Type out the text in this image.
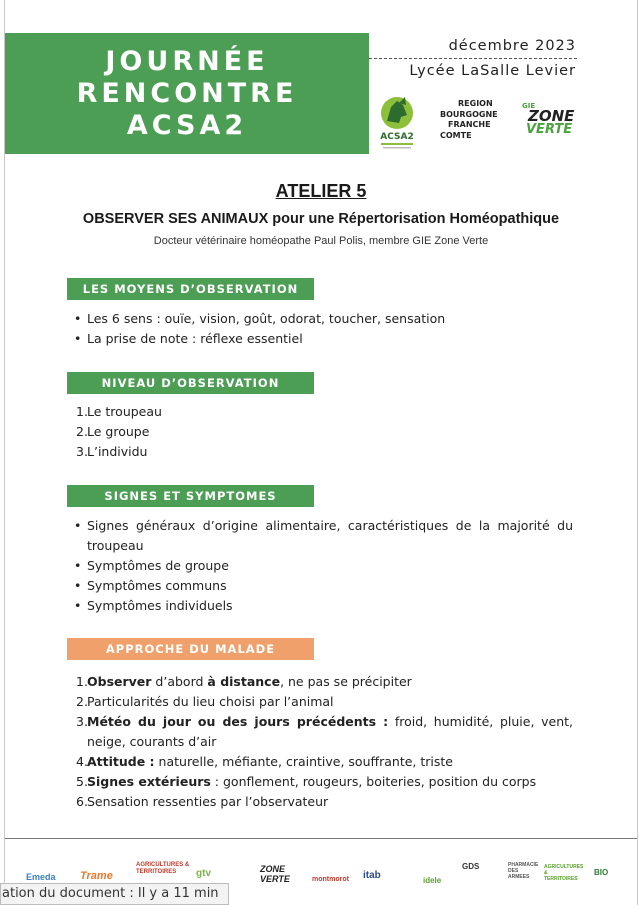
JOURNÉE
RENCONTRE
ACSA2
décembre 2023
Lycée LaSalle Levier
ACSA2
REGION
BOURGOGNE
FRANCHE
COMTE
GIE
ZONE
VERTE
ATELIER 5
OBSERVER SES ANIMAUX pour une Répertorisation Homéopathique
Docteur vétérinaire homéopathe Paul Polis, membre GIE Zone Verte
LES MOYENS D’OBSERVATION
• Les 6 sens : ouïe, vision, goût, odorat, toucher, sensation
• La prise de note : réflexe essentiel
NIVEAU D’OBSERVATION
1. Le troupeau
2. Le groupe
3. L’individu
SIGNES ET SYMPTOMES
• Signes généraux d’origine alimentaire, caractéristiques de la majorité du troupeau
• Symptômes de groupe
• Symptômes communs
• Symptômes individuels
APPROCHE DU MALADE
1. Observer d’abord à distance, ne pas se précipiter
2. Particularités du lieu choisi par l’animal
3. Météo du jour ou des jours précédents : froid, humidité, pluie, vent, neige, courants d’air
4. Attitude : naturelle, méfiante, craintive, souffrante, triste
5. Signes extérieurs : gonflement, rougeurs, boiteries, position du corps
6. Sensation ressenties par l’observateur
Emeda Trame
AGRICULTURES & TERRITOIRES	gtv	ZONE VERTE	montmorot itab	idele
GDS	PHARMACIE DES ARMEES
AGRICULTURES & TERRITOIRES
BIO
ation du document : Il y a 11 min
